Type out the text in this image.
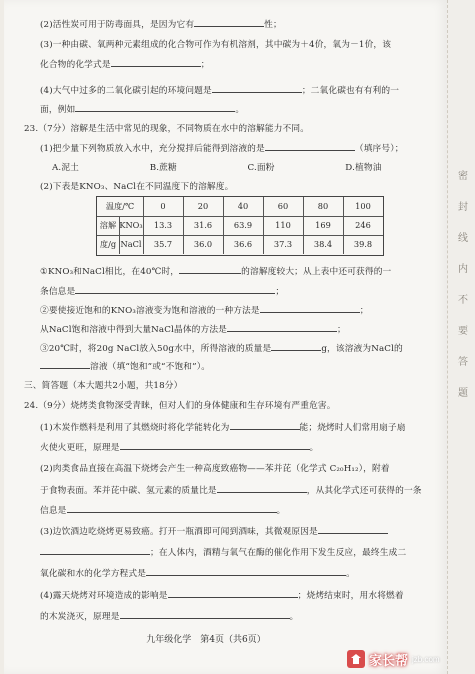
(2)活性炭可用于防毒面具，是因为它有	性；
(3)一种由碳、氧两种元素组成的化合物可作为有机溶剂，其中碳为＋4价，氧为－1价，该
化合物的化学式是	；
(4)大气中过多的二氧化碳引起的环境问题是	；二氧化碳也有有利的一
面，例如	。
23.（7分）溶解是生活中常见的现象，不同物质在水中的溶解能力不同。
(1)把少量下列物质放入水中，充分搅拌后能得到溶液的是	（填序号）；
A.泥土　　　　　　　　B.蔗糖　　　　　　　　C.面粉　　　　　　　　D.植物油
(2)下表是KNO₃、NaCl在不同温度下的溶解度。
①KNO₃和NaCl相比，在40℃时，	的溶解度较大；从上表中还可获得的一
条信息是	；
②要使接近饱和的KNO₃溶液变为饱和溶液的一种方法是	；
从NaCl饱和溶液中得到大量NaCl晶体的方法是	；
③20℃时，将20g NaCl放入50g水中，所得溶液的质量是	g，该溶液为NaCl的
溶液（填“饱和”或“不饱和”）。
三、简答题（本大题共2小题，共18分）
24.（9分）烧烤类食物深受青睐，但对人们的身体健康和生存环境有严重危害。
(1)木炭作燃料是利用了其燃烧时将化学能转化为	能；烧烤时人们常用扇子扇
火使火更旺，原理是	。
(2)肉类食品直接在高温下烧烤会产生一种高度致癌物——苯并芘（化学式 C₂₀H₁₂），附着
于食物表面。苯并芘中碳、氢元素的质量比是	，从其化学式还可获得的一条
信息是	。
(3)边饮酒边吃烧烤更易致癌。打开一瓶酒即可闻到酒味，其微观原因是
；在人体内，酒精与氧气在酶的催化作用下发生反应，最终生成二
氧化碳和水的化学方程式是	。
(4)露天烧烤对环境造成的影响是	；烧烤结束时，用水将燃着
的木炭浇灭，原理是	。
温度/℃	0	20	40	60	80	100
溶解 KNO₃	13.3	31.6	63.9	110	169	246
度/g NaCl	35.7	36.0	36.6	37.3	38.4	39.8
九年级化学　第4页（共6页）
密
封
线
内
不
要
答
题
家长帮 jzb.com
